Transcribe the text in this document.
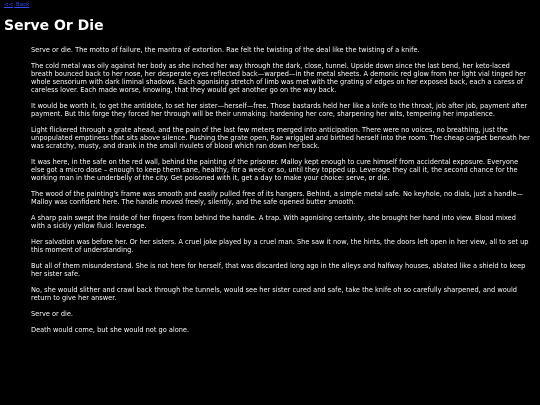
<< Back
Serve Or Die

Serve or die. The motto of failure, the mantra of extortion. Rae felt the twisting of the deal like the twisting of a knife.

The cold metal was oily against her body as she inched her way through the dark, close, tunnel. Upside down since the last bend, her keto-laced breath bounced back to her nose, her desperate eyes reflected back—warped—in the metal sheets. A demonic red glow from her light vial tinged her whole sensorium with dark liminal shadows. Each agonising stretch of limb was met with the grating of edges on her exposed back, each a caress of careless lover. Each made worse, knowing, that they would get another go on the way back.

It would be worth it, to get the antidote, to set her sister—herself—free. Those bastards held her like a knife to the throat, job after job, payment after payment. But this forge they forced her through will be their unmaking: hardening her core, sharpening her wits, tempering her impatience.

Light flickered through a grate ahead, and the pain of the last few meters merged into anticipation. There were no voices, no breathing, just the unpopulated emptiness that sits above silence. Pushing the grate open, Rae wriggled and birthed herself into the room. The cheap carpet beneath her was scratchy, musty, and drank in the small rivulets of blood which ran down her back.

It was here, in the safe on the red wall, behind the painting of the prisoner. Malloy kept enough to cure himself from accidental exposure. Everyone else got a micro dose – enough to keep them sane, healthy, for a week or so, until they topped up. Leverage they call it, the second chance for the working man in the underbelly of the city. Get poisoned with it, get a day to make your choice: serve, or die.

The wood of the painting's frame was smooth and easily pulled free of its hangers. Behind, a simple metal safe. No keyhole, no dials, just a handle—Malloy was confident here. The handle moved freely, silently, and the safe opened butter smooth.

A sharp pain swept the inside of her fingers from behind the handle. A trap. With agonising certainty, she brought her hand into view. Blood mixed with a sickly yellow fluid: leverage.

Her salvation was before her. Or her sisters. A cruel joke played by a cruel man. She saw it now, the hints, the doors left open in her view, all to set up this moment of understanding.

But all of them misunderstand. She is not here for herself, that was discarded long ago in the alleys and halfway houses, ablated like a shield to keep her sister safe.

No, she would slither and crawl back through the tunnels, would see her sister cured and safe, take the knife oh so carefully sharpened, and would return to give her answer.

Serve or die.

Death would come, but she would not go alone.
